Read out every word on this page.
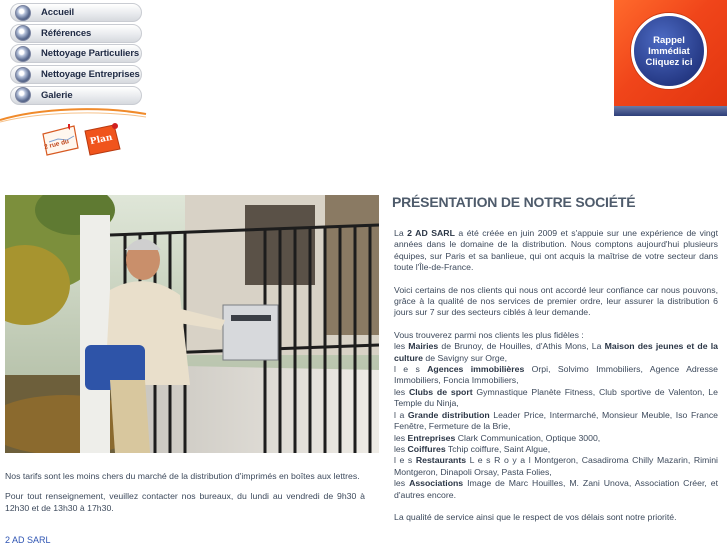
Accueil
Références
Nettoyage Particuliers
Nettoyage Entreprises
Galerie
2 rue du Plan
Rappel
Immédiat
Cliquez ici

Nos tarifs sont les moins chers du marché de la distribution d'imprimés en boîtes aux lettres.

Pour tout renseignement, veuillez contacter nos bureaux, du lundi au vendredi de 9h30 à 12h30 et de 13h30 à 17h30.

2 AD SARL
PRÉSENTATION DE NOTRE SOCIÉTÉ

La 2 AD SARL a été créée en juin 2009 et s'appuie sur une expérience de vingt années dans le domaine de la distribution. Nous comptons aujourd'hui plusieurs équipes, sur Paris et sa banlieue, qui ont acquis la maîtrise de votre secteur dans toute l'Île-de-France.

Voici certains de nos clients qui nous ont accordé leur confiance car nous pouvons, grâce à la qualité de nos services de premier ordre, leur assurer la distribution 6 jours sur 7 sur des secteurs ciblés à leur demande.

Vous trouverez parmi nos clients les plus fidèles :

les Mairies de Brunoy, de Houilles, d'Athis Mons, La Maison des jeunes et de la culture de Savigny sur Orge,

l e s Agences immobilières Orpi, Solvimo Immobiliers, Agence Adresse Immobiliers, Foncia Immobiliers,

les Clubs de sport Gymnastique Planète Fitness, Club sportive de Valenton, Le Temple du Ninja,

l a Grande distribution Leader Price, Intermarché, Monsieur Meuble, Iso France Fenêtre, Fermeture de la Brie,

les Entreprises Clark Communication, Optique 3000,

les Coiffures Tchip coiffure, Saint Algue,

l e s Restaurants L e s R o y a l Montgeron, Casadiroma Chilly Mazarin, Rimini Montgeron, Dinapoli Orsay, Pasta Folies,

les Associations Image de Marc Houilles, M. Zani Unova, Association Créer, et d'autres encore.

La qualité de service ainsi que le respect de vos délais sont notre priorité.
